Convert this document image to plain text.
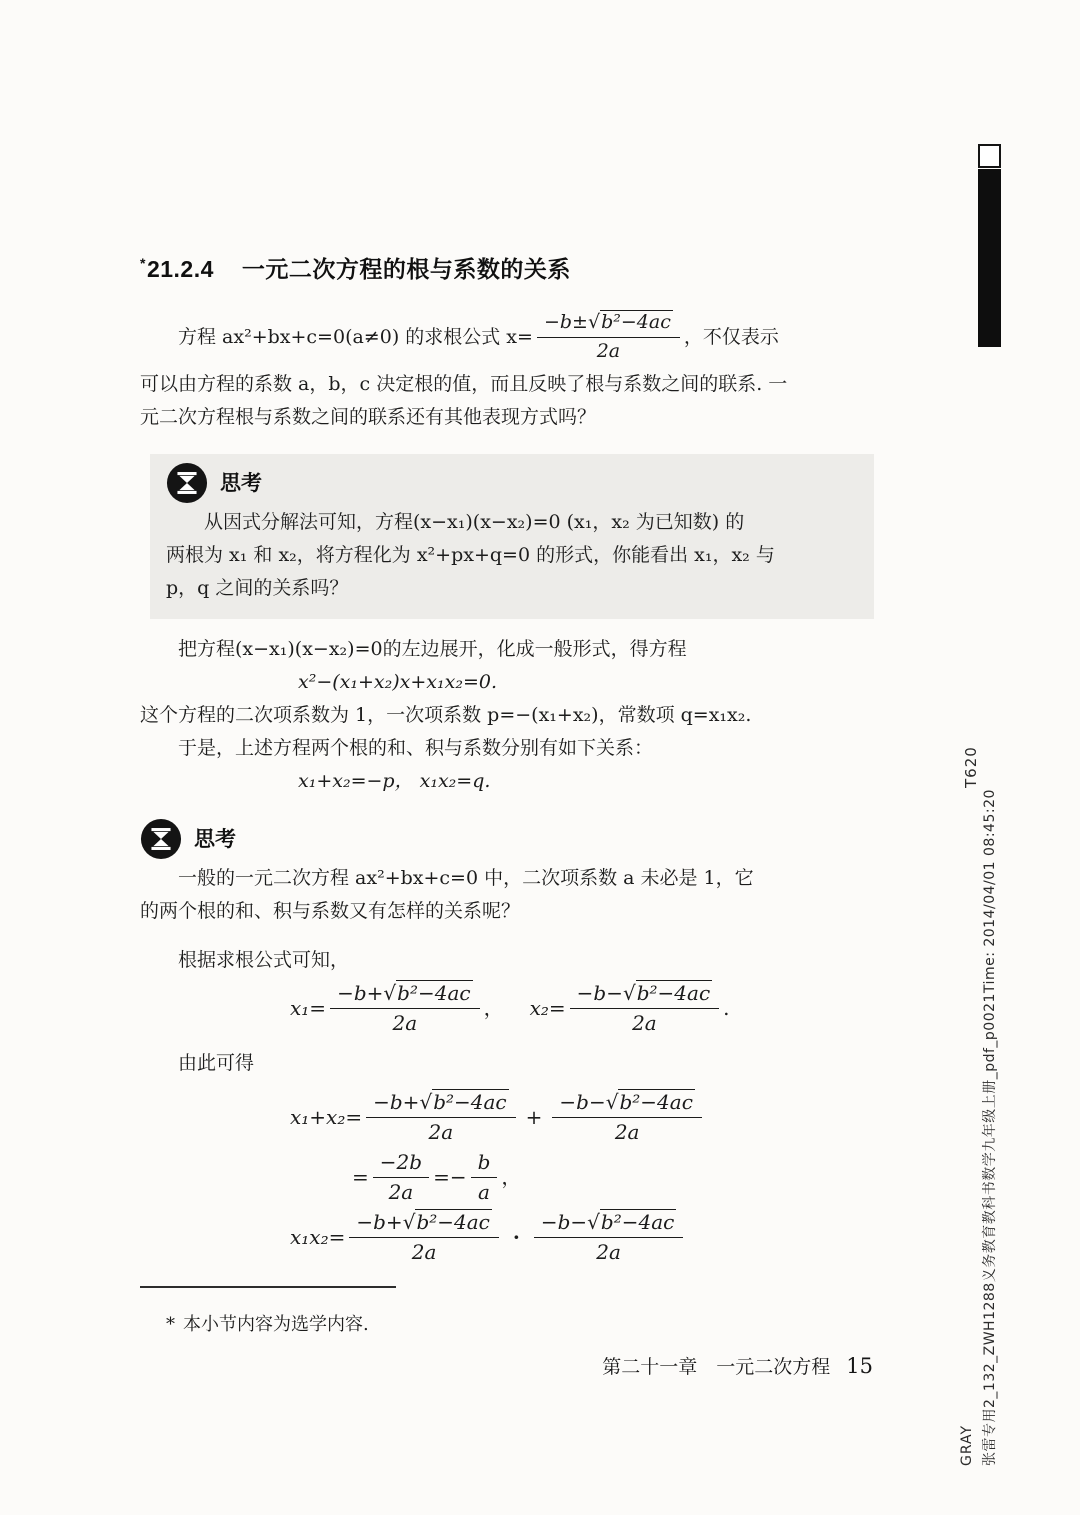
T620
张雷专用2_132_ZWH1288义务教育教科书数学九年级上册_pdf_p0021Time: 2014/04/01 08:45:20
GRAY
*21.2.4 一元二次方程的根与系数的关系
方程 ax²+bx+c=0(a≠0) 的求根公式 $x= \frac{\text{−b±√b²−4ac}}{2a}$ ，不仅表示
可以由方程的系数 a，b，c 决定根的值，而且反映了根与系数之间的联系. 一
元二次方程根与系数之间的联系还有其他表现方式吗？
思考
从因式分解法可知，方程(x−x₁)(x−x₂)=0 (x₁，x₂ 为已知数) 的
两根为 x₁ 和 x₂，将方程化为 x²+px+q=0 的形式，你能看出 x₁，x₂ 与
p，q 之间的关系吗？
把方程(x−x₁)(x−x₂)=0的左边展开，化成一般形式，得方程
x²−(x₁+x₂)x+x₁x₂=0.
这个方程的二次项系数为 1，一次项系数 p=−(x₁+x₂)，常数项 q=x₁x₂.
于是，上述方程两个根的和、积与系数分别有如下关系：
x₁+x₂=−p， x₁x₂=q.
思考
一般的一元二次方程 ax²+bx+c=0 中，二次项系数 a 未必是 1，它
的两个根的和、积与系数又有怎样的关系呢？
根据求根公式可知，
$x_1= \frac{\text{−b+√b²−4ac}}{2a}$ ， $x_2= \frac{\text{−b−√b²−4ac}}{2a}$ .
由此可得
$x_1+x_2= \frac{\text{−b+√b²−4ac}}{2a} + \frac{\text{−b−√b²−4ac}}{2a}$
= $\frac{-2b}{2a} =- \frac{b}{a}$ ，
$x_1x_2= \frac{\text{−b+√b²−4ac}}{2a} \cdot \frac{\text{−b−√b²−4ac}}{2a}$
* 本小节内容为选学内容.
第二十一章　一元二次方程 15
